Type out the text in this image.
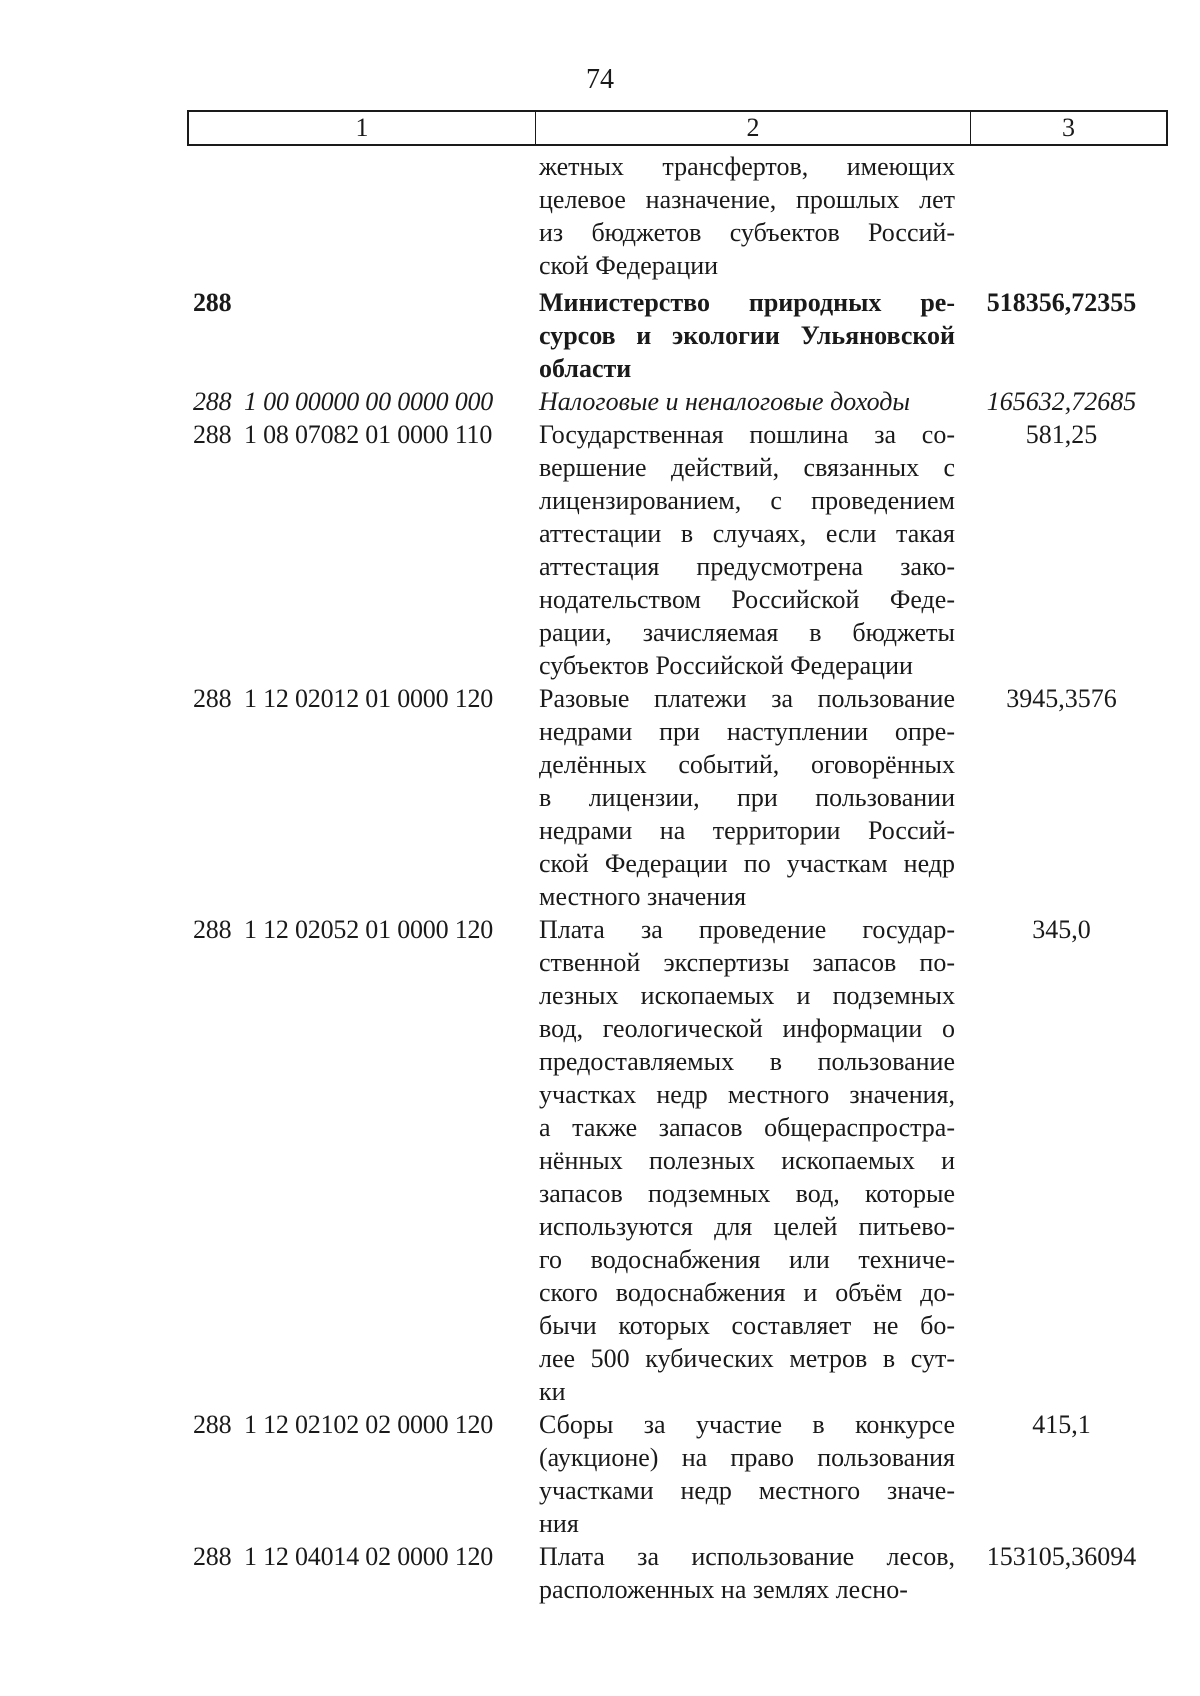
74
1	2	3
жетных трансфертов, имеющих
целевое назначение, прошлых лет
из бюджетов субъектов Россий-
ской Федерации
288	Министерство природных ре-
сурсов и экологии Ульяновской
области
518356,72355
288  1 00 00000 00 0000 000	Налоговые и неналоговые доходы	165632,72685
288  1 08 07082 01 0000 110	Государственная пошлина за со-
вершение действий, связанных с
лицензированием, с проведением
аттестации в случаях, если такая
аттестация предусмотрена зако-
нодательством Российской Феде-
рации, зачисляемая в бюджеты
субъектов Российской Федерации
581,25
288  1 12 02012 01 0000 120	Разовые платежи за пользование
недрами при наступлении опре-
делённых событий, оговорённых
в лицензии, при пользовании
недрами на территории Россий-
ской Федерации по участкам недр
местного значения
3945,3576
288  1 12 02052 01 0000 120	Плата за проведение государ-
ственной экспертизы запасов по-
лезных ископаемых и подземных
вод, геологической информации о
предоставляемых в пользование
участках недр местного значения,
а также запасов общераспростра-
нённых полезных ископаемых и
запасов подземных вод, которые
используются для целей питьево-
го водоснабжения или техниче-
ского водоснабжения и объём до-
бычи которых составляет не бо-
лее 500 кубических метров в сут-
ки
345,0
288  1 12 02102 02 0000 120	Сборы за участие в конкурсе
(аукционе) на право пользования
участками недр местного значе-
ния
415,1
288  1 12 04014 02 0000 120	Плата за использование лесов,
расположенных на землях лесно-
153105,36094
